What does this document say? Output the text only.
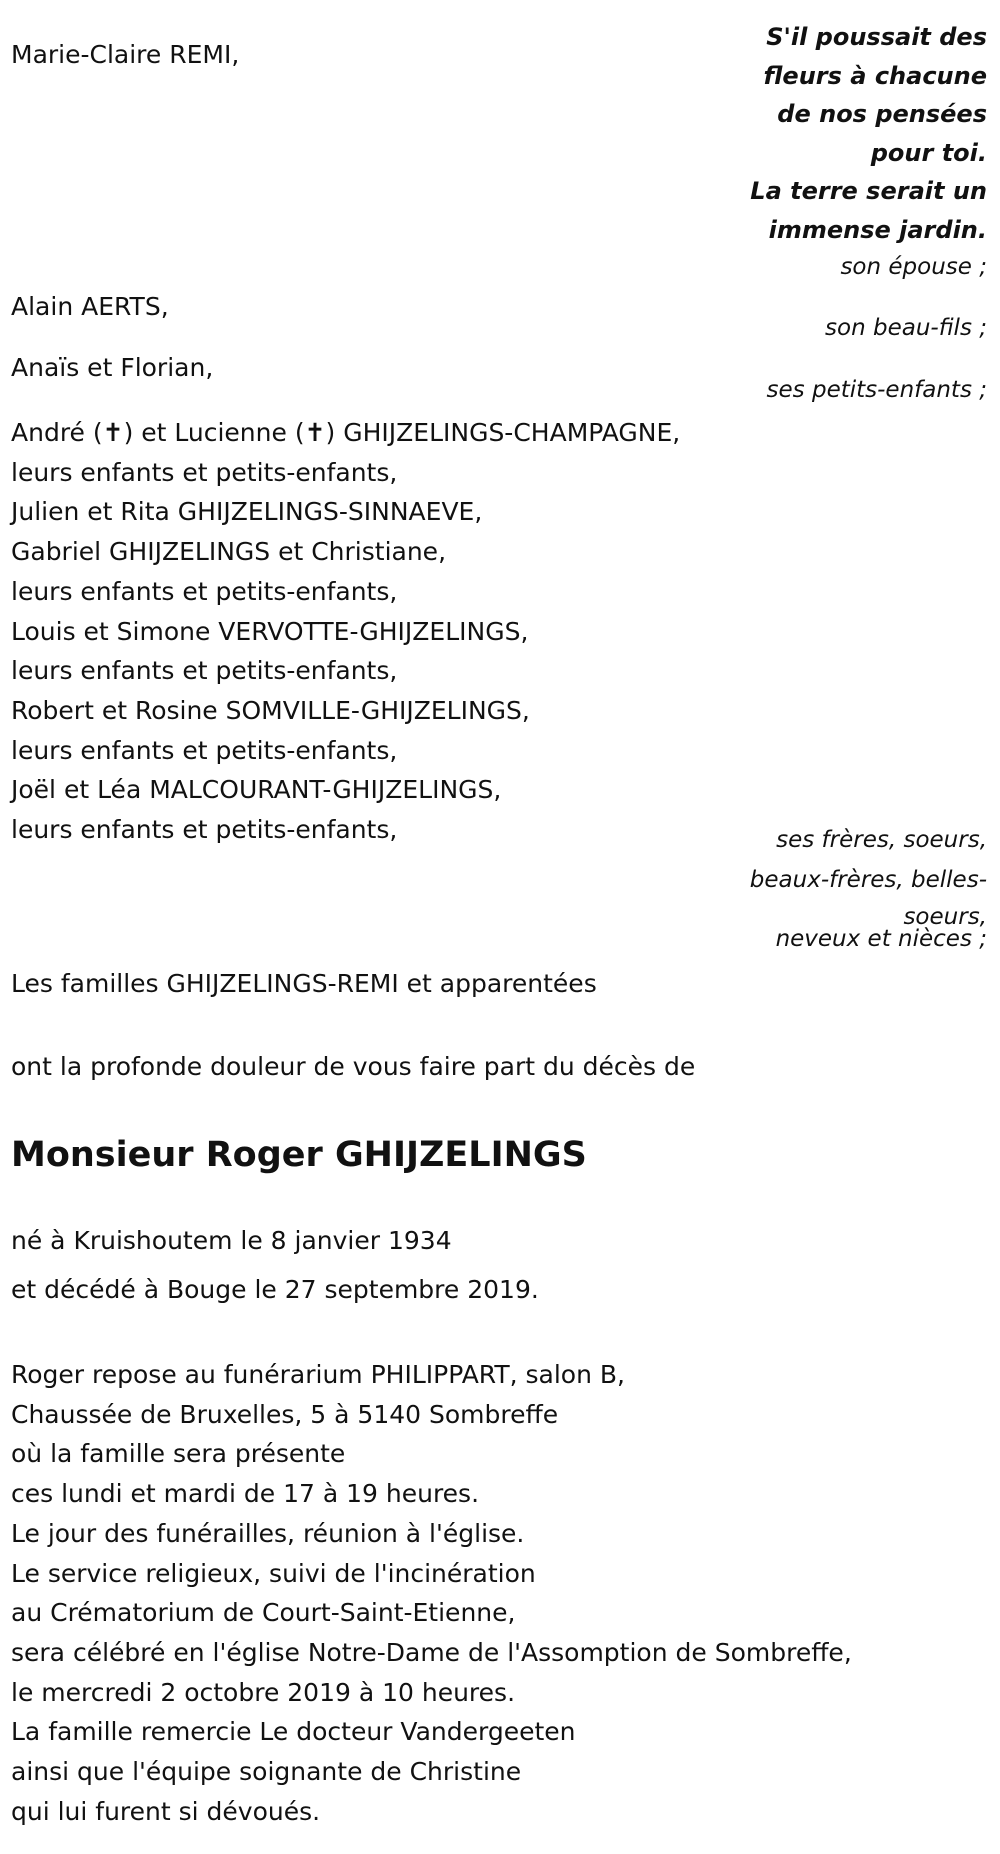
S'il poussait des
fleurs à chacune
de nos pensées
pour toi.
La terre serait un
immense jardin.
Marie-Claire REMI,
son épouse ;
Alain AERTS,
son beau-fils ;
Anaïs et Florian,
ses petits-enfants ;
André (✝) et Lucienne (✝) GHIJZELINGS-CHAMPAGNE,
leurs enfants et petits-enfants,
Julien et Rita GHIJZELINGS-SINNAEVE,
Gabriel GHIJZELINGS et Christiane,
leurs enfants et petits-enfants,
Louis et Simone VERVOTTE-GHIJZELINGS,
leurs enfants et petits-enfants,
Robert et Rosine SOMVILLE-GHIJZELINGS,
leurs enfants et petits-enfants,
Joël et Léa MALCOURANT-GHIJZELINGS,
leurs enfants et petits-enfants,	ses frères, soeurs,
beaux-frères, belles-
soeurs,
neveux et nièces ;
Les familles GHIJZELINGS-REMI et apparentées
ont la profonde douleur de vous faire part du décès de
Monsieur Roger GHIJZELINGS
né à Kruishoutem le 8 janvier 1934
et décédé à Bouge le 27 septembre 2019.
Roger repose au funérarium PHILIPPART, salon B,
Chaussée de Bruxelles, 5 à 5140 Sombreffe
où la famille sera présente
ces lundi et mardi de 17 à 19 heures.
Le jour des funérailles, réunion à l'église.
Le service religieux, suivi de l'incinération
au Crématorium de Court-Saint-Etienne,
sera célébré en l'église Notre-Dame de l'Assomption de Sombreffe,
le mercredi 2 octobre 2019 à 10 heures.
La famille remercie Le docteur Vandergeeten
ainsi que l'équipe soignante de Christine
qui lui furent si dévoués.
